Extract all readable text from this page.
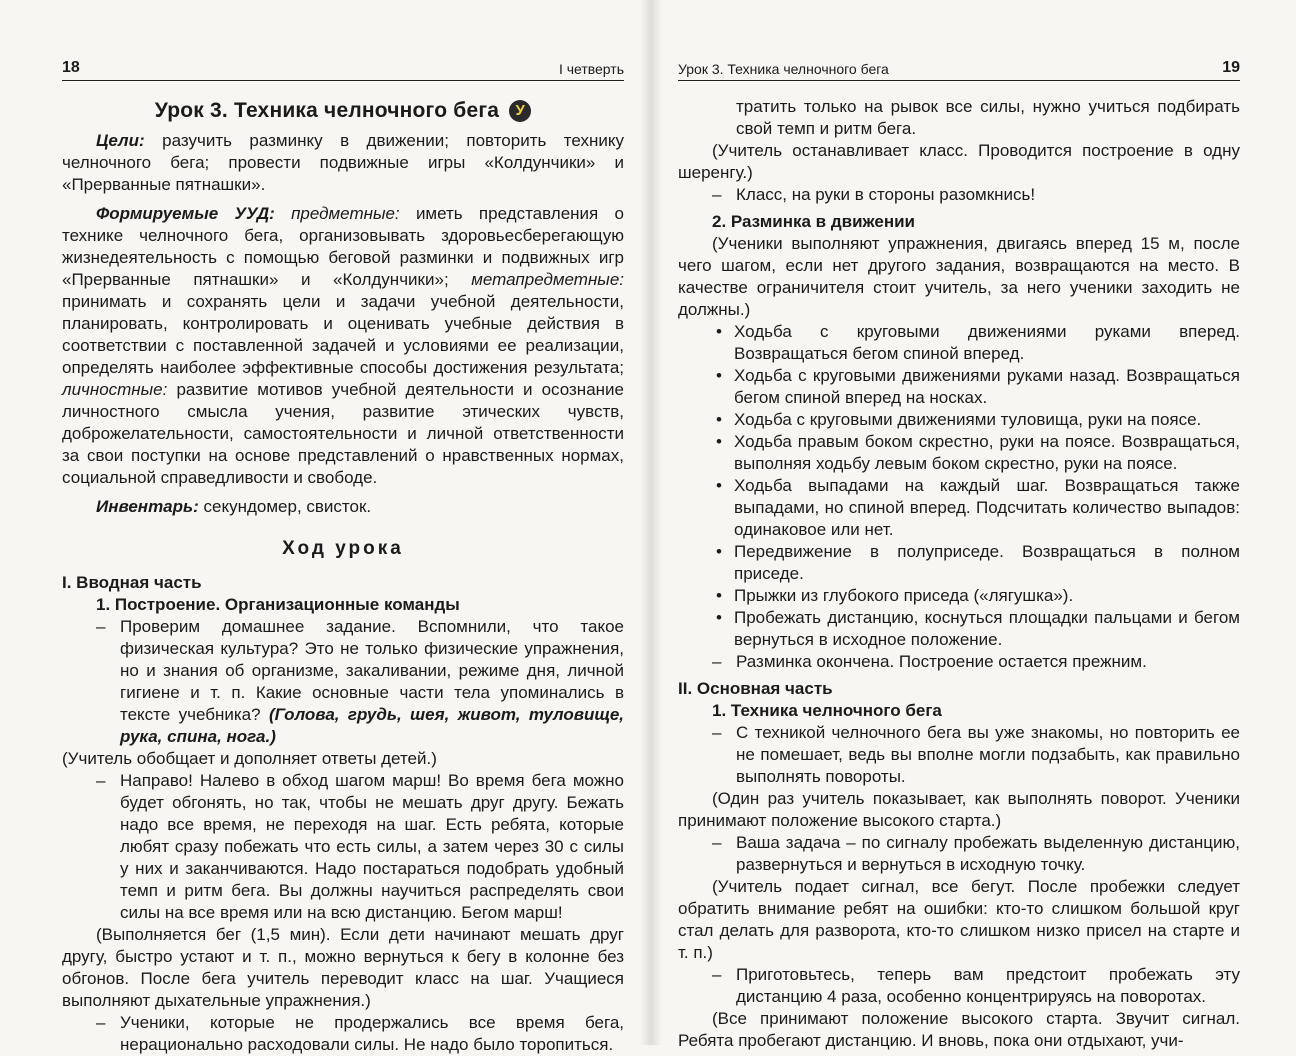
18	I четверть
Урок 3. Техника челночного бега У

Цели: разучить разминку в движении; повторить технику челночного бега; провести подвижные игры «Колдунчики» и «Прерванные пятнашки».

Формируемые УУД: предметные: иметь представления о технике челночного бега, организовывать здоровьесберегающую жизнедеятельность с помощью беговой разминки и подвижных игр «Прерванные пятнашки» и «Колдунчики»; метапредметные: принимать и сохранять цели и задачи учебной деятельности, планировать, контролировать и оценивать учебные действия в соответствии с поставленной задачей и условиями ее реализации, определять наиболее эффективные способы достижения результата; личностные: развитие мотивов учебной деятельности и осознание личностного смысла учения, развитие этических чувств, доброжелательности, самостоятельности и личной ответственности за свои поступки на основе представлений о нравственных нормах, социальной справедливости и свободе.

Инвентарь: секундомер, свисток.

Ход урока
I. Вводная часть
1. Построение. Организационные команды
– Проверим домашнее задание. Вспомнили, что такое физическая культура? Это не только физические упражнения, но и знания об организме, закаливании, режиме дня, личной гигиене и т. п. Какие основные части тела упоминались в тексте учебника? (Голова, грудь, шея, живот, туловище, рука, спина, нога.)

(Учитель обобщает и дополняет ответы детей.)

– Направо! Налево в обход шагом марш! Во время бега можно будет обгонять, но так, чтобы не мешать друг другу. Бежать надо все время, не переходя на шаг. Есть ребята, которые любят сразу побежать что есть силы, а затем через 30 с силы у них и заканчиваются. Надо постараться подобрать удобный темп и ритм бега. Вы должны научиться распределять свои силы на все время или на всю дистанцию. Бегом марш!

(Выполняется бег (1,5 мин). Если дети начинают мешать друг другу, быстро устают и т. п., можно вернуться к бегу в колонне без обгонов. После бега учитель переводит класс на шаг. Учащиеся выполняют дыхательные упражнения.)

– Ученики, которые не продержались все время бега, нерационально расходовали силы. Не надо было торопиться.
Урок 3. Техника челночного бега	19
тратить только на рывок все силы, нужно учиться подбирать свой темп и ритм бега.

(Учитель останавливает класс. Проводится построение в одну шеренгу.)

– Класс, на руки в стороны разомкнись!
2. Разминка в движении

(Ученики выполняют упражнения, двигаясь вперед 15 м, после чего шагом, если нет другого задания, возвращаются на место. В качестве ограничителя стоит учитель, за него ученики заходить не должны.)

• Ходьба с круговыми движениями руками вперед. Возвращаться бегом спиной вперед.
• Ходьба с круговыми движениями руками назад. Возвращаться бегом спиной вперед на носках.
• Ходьба с круговыми движениями туловища, руки на поясе.
• Ходьба правым боком скрестно, руки на поясе. Возвращаться, выполняя ходьбу левым боком скрестно, руки на поясе.
• Ходьба выпадами на каждый шаг. Возвращаться также выпадами, но спиной вперед. Подсчитать количество выпадов: одинаковое или нет.
• Передвижение в полуприседе. Возвращаться в полном приседе.
• Прыжки из глубокого приседа («лягушка»).
• Пробежать дистанцию, коснуться площадки пальцами и бегом вернуться в исходное положение.
– Разминка окончена. Построение остается прежним.
II. Основная часть
1. Техника челночного бега
– С техникой челночного бега вы уже знакомы, но повторить ее не помешает, ведь вы вполне могли подзабыть, как правильно выполнять повороты.

(Один раз учитель показывает, как выполнять поворот. Ученики принимают положение высокого старта.)

– Ваша задача – по сигналу пробежать выделенную дистанцию, развернуться и вернуться в исходную точку.

(Учитель подает сигнал, все бегут. После пробежки следует обратить внимание ребят на ошибки: кто-то слишком большой круг стал делать для разворота, кто-то слишком низко присел на старте и т. п.)

– Приготовьтесь, теперь вам предстоит пробежать эту дистанцию 4 раза, особенно концентрируясь на поворотах.

(Все принимают положение высокого старта. Звучит сигнал. Ребята пробегают дистанцию. И вновь, пока они отдыхают, учи-
